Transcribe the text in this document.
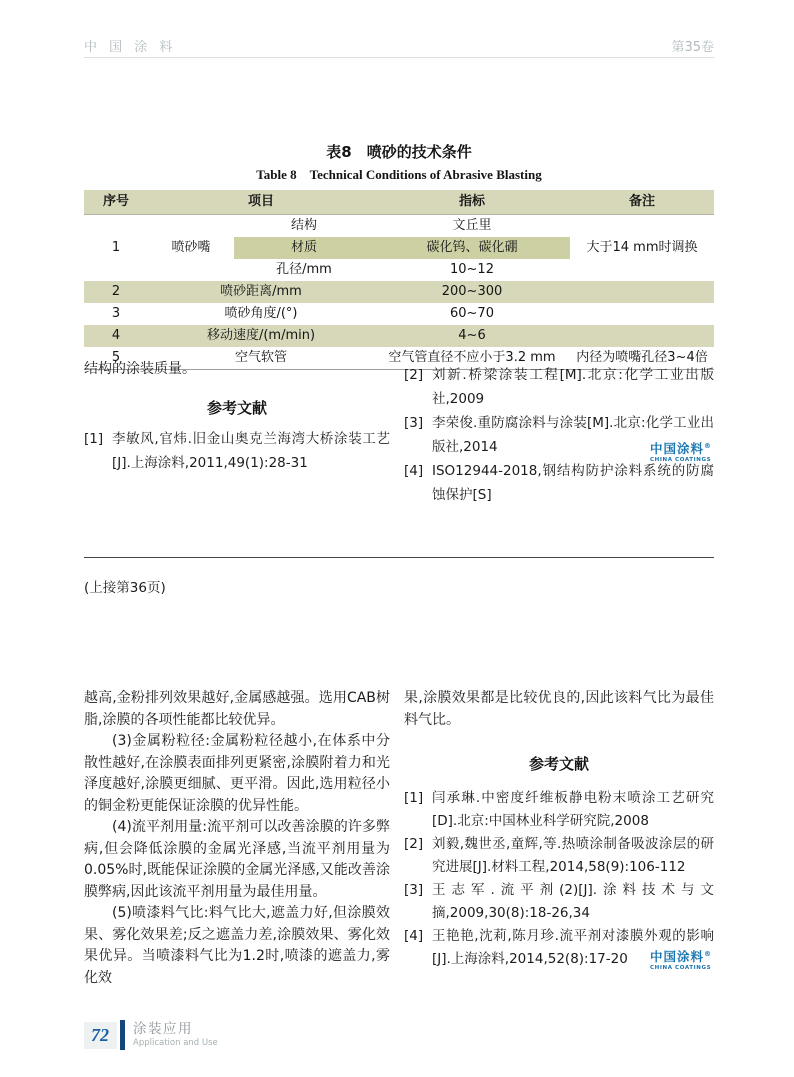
中 国 涂 料	第35卷
表8　喷砂的技术条件
Table 8　Technical Conditions of Abrasive Blasting
序号	项目		指标	备注
1	喷砂嘴	结构	文丘里	大于14 mm时调换
		材质	碳化钨、碳化硼	
		孔径/mm	10~12	
2	喷砂距离/mm		200~300	
3	喷砂角度/(°)		60~70	
4	移动速度/(m/min)		4~6	
5	空气软管		空气管直径不应小于3.2 mm	内径为喷嘴孔径3~4倍
结构的涂装质量。
参考文献
[1] 李敏风,官炜.旧金山奥克兰海湾大桥涂装工艺[J].上海涂料,2011,49(1):28-31
[2] 刘新.桥梁涂装工程[M].北京:化学工业出版社,2009
[3] 李荣俊.重防腐涂料与涂装[M].北京:化学工业出版社,2014
[4] ISO12944-2018,钢结构防护涂料系统的防腐蚀保护[S]
中国涂料®
CHINA COATINGS
(上接第36页)

越高,金粉排列效果越好,金属感越强。选用CAB树脂,涂膜的各项性能都比较优异。

(3)金属粉粒径:金属粉粒径越小,在体系中分散性越好,在涂膜表面排列更紧密,涂膜附着力和光泽度越好,涂膜更细腻、更平滑。因此,选用粒径小的铜金粉更能保证涂膜的优异性能。

(4)流平剂用量:流平剂可以改善涂膜的许多弊病,但会降低涂膜的金属光泽感,当流平剂用量为0.05%时,既能保证涂膜的金属光泽感,又能改善涂膜弊病,因此该流平剂用量为最佳用量。

(5)喷漆料气比:料气比大,遮盖力好,但涂膜效果、雾化效果差;反之遮盖力差,涂膜效果、雾化效果优异。当喷漆料气比为1.2时,喷漆的遮盖力,雾化效

果,涂膜效果都是比较优良的,因此该料气比为最佳料气比。

参考文献
[1] 闫承琳.中密度纤维板静电粉末喷涂工艺研究[D].北京:中国林业科学研究院,2008
[2] 刘毅,魏世丞,童辉,等.热喷涂制备吸波涂层的研究进展[J].材料工程,2014,58(9):106-112
[3] 王志军.流平剂(2)[J].涂料技术与文摘,2009,30(8):18-26,34
[4] 王艳艳,沈莉,陈月珍.流平剂对漆膜外观的影响[J].上海涂料,2014,52(8):17-20	中国涂料®
CHINA COATINGS
72	涂装应用
Application and Use
